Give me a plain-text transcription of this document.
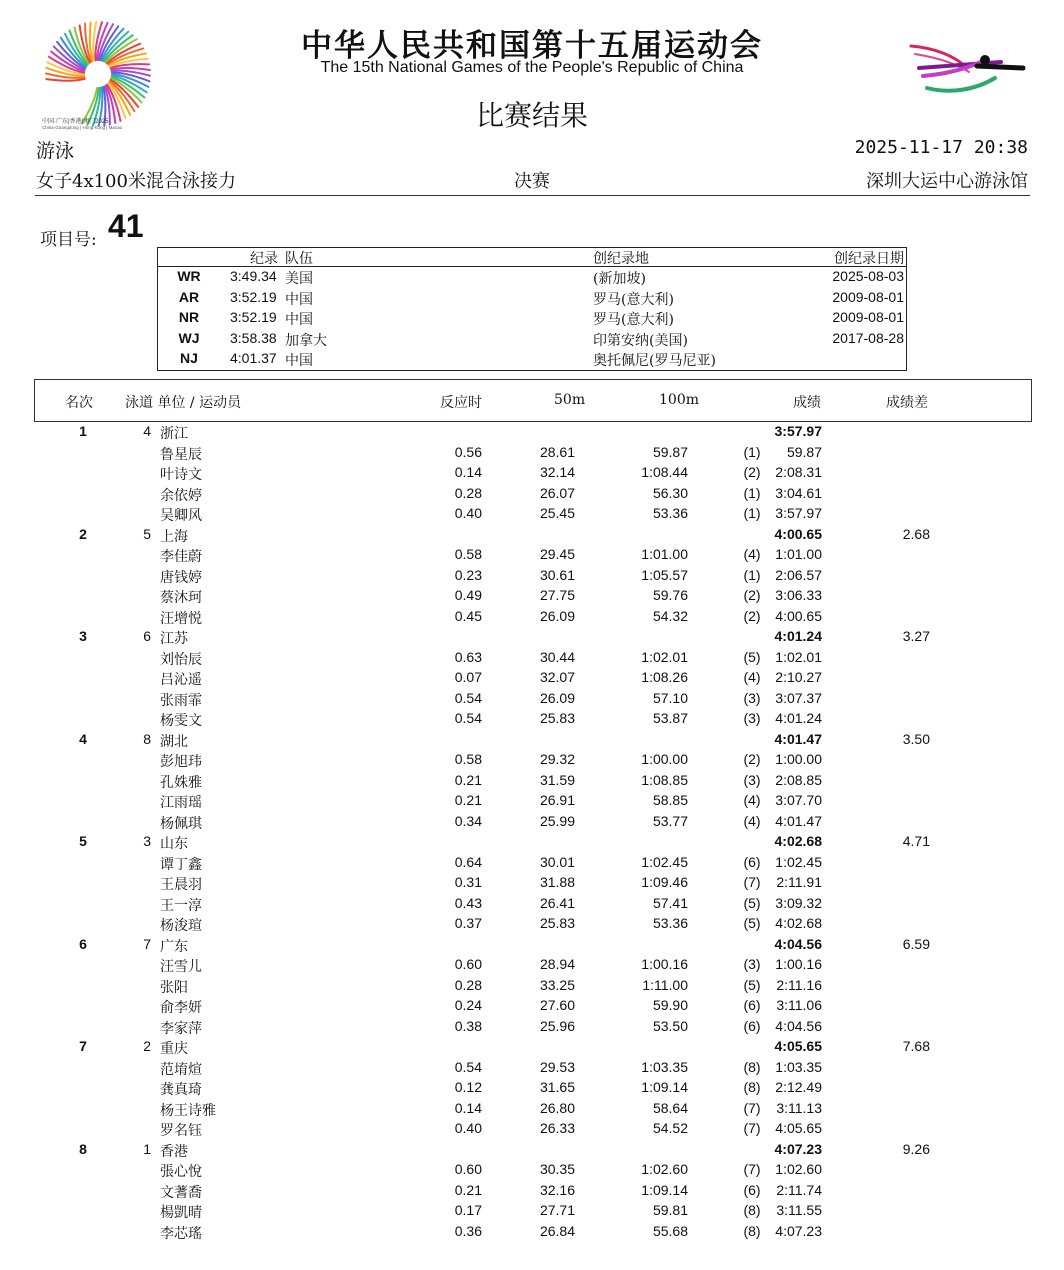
中国·广东|香港|澳门2025
China·Guangdong | Hong Kong | Macao
中华人民共和国第十五届运动会
The 15th National Games of the People's Republic of China
比赛结果
游泳	2025-11-17 20:38
女子4x100米混合泳接力	决赛	深圳大运中心游泳馆
项目号: 41
纪录 队伍	创纪录地	创纪录日期
WR	3:49.34 美国	(新加坡)	2025-08-03
AR	3:52.19 中国	罗马(意大利)	2009-08-01
NR	3:52.19 中国	罗马(意大利)	2009-08-01
WJ	3:58.38 加拿大	印第安纳(美国)	2017-08-28
NJ	4:01.37 中国	奥托佩尼(罗马尼亚)
名次 泳道 单位 / 运动员	反应时	50m	100m	成绩	成绩差
1	4 浙江	3:57.97
鲁星辰	0.56	28.61	59.87	(1)	59.87
叶诗文	0.14	32.14	1:08.44	(2)	2:08.31
余依婷	0.28	26.07	56.30	(1)	3:04.61
吴卿风	0.40	25.45	53.36	(1)	3:57.97
2	5 上海	4:00.65	2.68
李佳蔚	0.58	29.45	1:01.00	(4)	1:01.00
唐钱婷	0.23	30.61	1:05.57	(1)	2:06.57
蔡沐珂	0.49	27.75	59.76	(2)	3:06.33
汪增悦	0.45	26.09	54.32	(2)	4:00.65
3	6 江苏	4:01.24	3.27
刘怡辰	0.63	30.44	1:02.01	(5)	1:02.01
吕沁遥	0.07	32.07	1:08.26	(4)	2:10.27
张雨霏	0.54	26.09	57.10	(3)	3:07.37
杨雯文	0.54	25.83	53.87	(3)	4:01.24
4	8 湖北	4:01.47	3.50
彭旭玮	0.58	29.32	1:00.00	(2)	1:00.00
孔姝雅	0.21	31.59	1:08.85	(3)	2:08.85
江雨瑶	0.21	26.91	58.85	(4)	3:07.70
杨佩琪	0.34	25.99	53.77	(4)	4:01.47
5	3 山东	4:02.68	4.71
谭丁鑫	0.64	30.01	1:02.45	(6)	1:02.45
王晨羽	0.31	31.88	1:09.46	(7)	2:11.91
王一淳	0.43	26.41	57.41	(5)	3:09.32
杨浚瑄	0.37	25.83	53.36	(5)	4:02.68
6	7 广东	4:04.56	6.59
汪雪儿	0.60	28.94	1:00.16	(3)	1:00.16
张阳	0.28	33.25	1:11.00	(5)	2:11.16
俞李妍	0.24	27.60	59.90	(6)	3:11.06
李家萍	0.38	25.96	53.50	(6)	4:04.56
7	2 重庆	4:05.65	7.68
范堉煊	0.54	29.53	1:03.35	(8)	1:03.35
龚真琦	0.12	31.65	1:09.14	(8)	2:12.49
杨王诗雅	0.14	26.80	58.64	(7)	3:11.13
罗名钰	0.40	26.33	54.52	(7)	4:05.65
8	1 香港	4:07.23	9.26
張心悅	0.60	30.35	1:02.60	(7)	1:02.60
文蓍喬	0.21	32.16	1:09.14	(6)	2:11.74
楊凱晴	0.17	27.71	59.81	(8)	3:11.55
李芯瑤	0.36	26.84	55.68	(8)	4:07.23
